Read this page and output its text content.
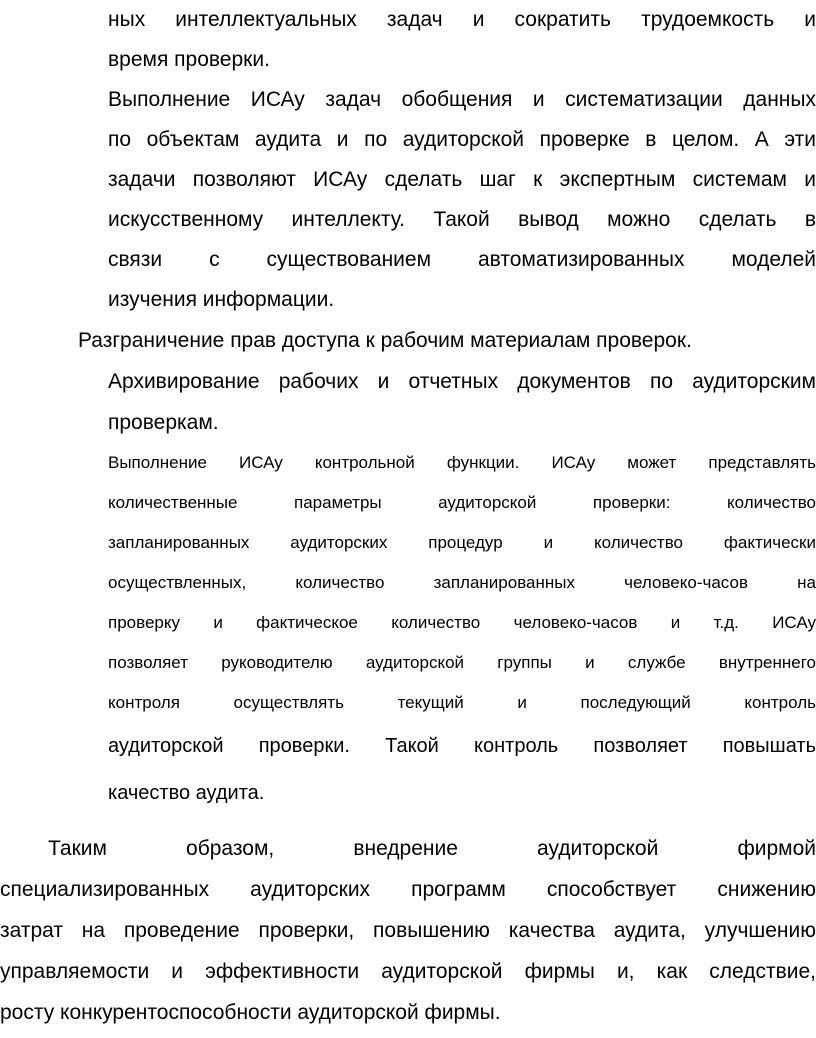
ных интеллектуальных задач и сократить трудоемкость и
время проверки.
Выполнение ИСАу задач обобщения и систематизации данных
по объектам аудита и по аудиторской проверке в целом. А эти
задачи позволяют ИСАу сделать шаг к экспертным системам и
искусственному интеллекту. Такой вывод можно сделать в
связи с существованием автоматизированных моделей
изучения информации.
Разграничение прав доступа к рабочим материалам проверок.
Архивирование рабочих и отчетных документов по аудиторским
проверкам.
Выполнение ИСАу контрольной функции. ИСАу может представлять
количественные параметры аудиторской проверки: количество
запланированных аудиторских процедур и количество фактически
осуществленных, количество запланированных человеко-часов на
проверку и фактическое количество человеко-часов и т.д. ИСАу
позволяет руководителю аудиторской группы и службе внутреннего
контроля осуществлять текущий и последующий контроль
аудиторской проверки. Такой контроль позволяет повышать
качество аудита.
Таким образом, внедрение аудиторской фирмой
специализированных аудиторских программ способствует снижению
затрат на проведение проверки, повышению качества аудита, улучшению
управляемости и эффективности аудиторской фирмы и, как следствие,
росту конкурентоспособности аудиторской фирмы.
